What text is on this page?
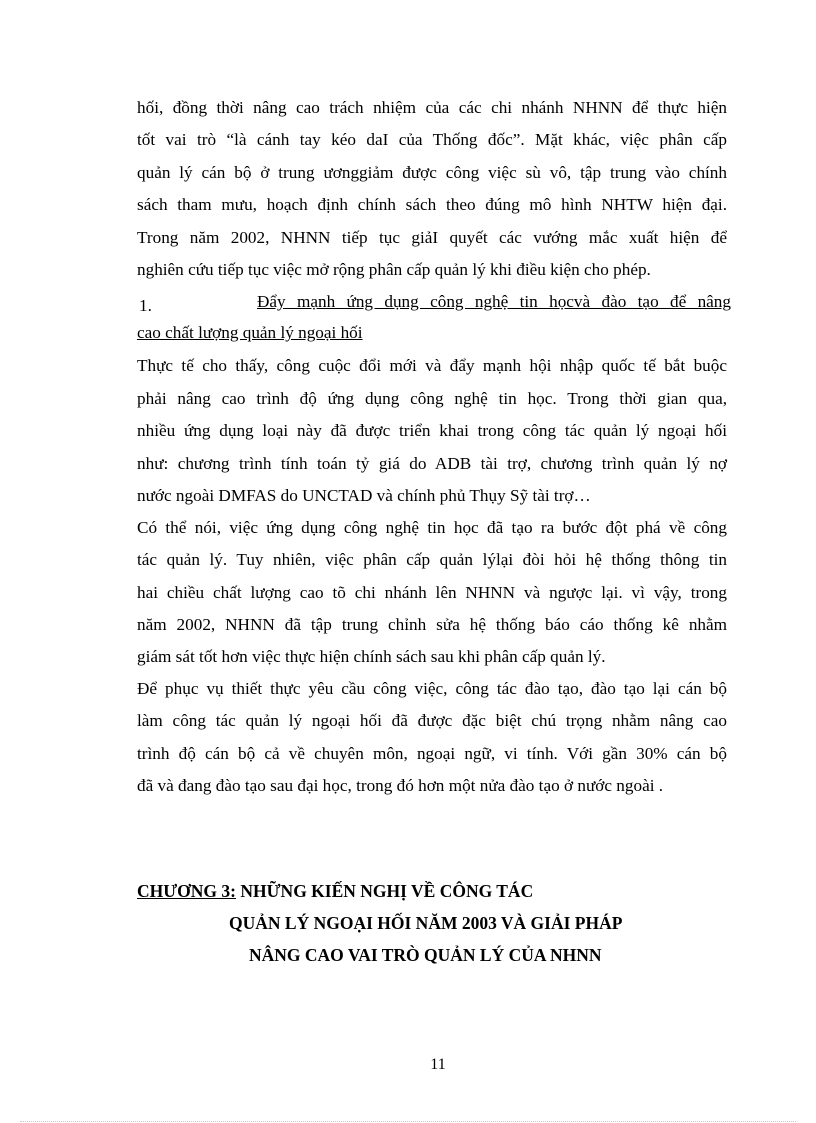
hối, đồng thời nâng cao trách nhiệm của các chi nhánh NHNN để thực hiện
tốt vai trò “là cánh tay kéo daI của Thống đốc”. Mặt khác, việc phân cấp
quản lý cán bộ ở trung ươnggiảm được công việc sù vô, tập trung vào chính
sách tham mưu, hoạch định chính sách theo đúng mô hình NHTW hiện đại.
Trong năm 2002, NHNN tiếp tục giảI quyết các vướng mắc xuất hiện để
nghiên cứu tiếp tục việc mở rộng phân cấp quản lý khi điều kiện cho phép.
1.	Đẩy mạnh ứng dụng công nghệ tin họcvà đào tạo để nâng
cao chất lượng quản lý ngoại hối
Thực tế cho thấy, công cuộc đổi mới và đẩy mạnh hội nhập quốc tế bắt buộc
phải nâng cao trình độ ứng dụng công nghệ tin học. Trong thời gian qua,
nhiều ứng dụng loại này đã được triển khai trong công tác quản lý ngoại hối
như: chương trình tính toán tỷ giá do ADB tài trợ, chương trình quản lý nợ
nước ngoài DMFAS do UNCTAD và chính phủ Thụy Sỹ tài trợ…
Có thể nói, việc ứng dụng công nghệ tin học đã tạo ra bước đột phá về công
tác quản lý. Tuy nhiên, việc phân cấp quản lýlại đòi hỏi hệ thống thông tin
hai chiều chất lượng cao tõ chi nhánh lên NHNN và ngược lại. vì vậy, trong
năm 2002, NHNN đã tập trung chỉnh sửa hệ thống báo cáo thống kê nhằm
giám sát tốt hơn việc thực hiện chính sách sau khi phân cấp quản lý.
Để phục vụ thiết thực yêu cầu công việc, công tác đào tạo, đào tạo lại cán bộ
làm công tác quản lý ngoại hối đã được đặc biệt chú trọng nhằm nâng cao
trình độ cán bộ cả về chuyên môn, ngoại ngữ, vi tính. Với gần 30% cán bộ
đã và đang đào tạo sau đại học, trong đó hơn một nửa đào tạo ở nước ngoài .
CHƯƠNG 3: NHỮNG KIẾN NGHỊ VỀ CÔNG TÁC
QUẢN LÝ NGOẠI HỐI NĂM 2003 VÀ GIẢI PHÁP
NÂNG CAO VAI TRÒ QUẢN LÝ CỦA NHNN
11
